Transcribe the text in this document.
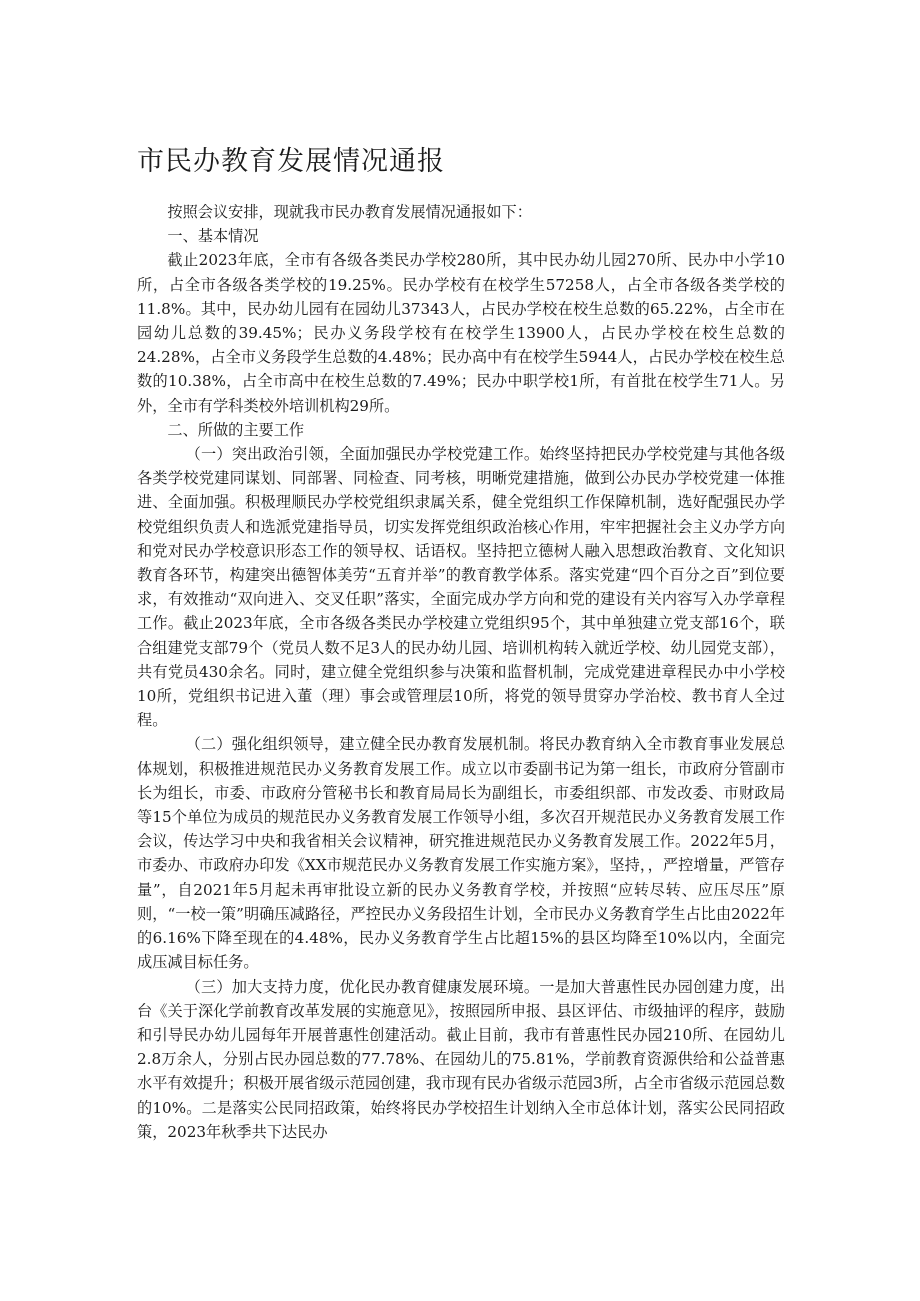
市民办教育发展情况通报

按照会议安排，现就我市民办教育发展情况通报如下：

一、基本情况

截止2023年底，全市有各级各类民办学校280所，其中民办幼儿园270所、民办中小学10所，占全市各级各类学校的19.25%。民办学校有在校学生57258人，占全市各级各类学校的11.8%。其中，民办幼儿园有在园幼儿37343人，占民办学校在校生总数的65.22%，占全市在园幼儿总数的39.45%；民办义务段学校有在校学生13900人，占民办学校在校生总数的24.28%，占全市义务段学生总数的4.48%；民办高中有在校学生5944人，占民办学校在校生总数的10.38%，占全市高中在校生总数的7.49%；民办中职学校1所，有首批在校学生71人。另外，全市有学科类校外培训机构29所。

二、所做的主要工作

（一）突出政治引领，全面加强民办学校党建工作。始终坚持把民办学校党建与其他各级各类学校党建同谋划、同部署、同检查、同考核，明晰党建措施，做到公办民办学校党建一体推进、全面加强。积极理顺民办学校党组织隶属关系，健全党组织工作保障机制，选好配强民办学校党组织负责人和选派党建指导员，切实发挥党组织政治核心作用，牢牢把握社会主义办学方向和党对民办学校意识形态工作的领导权、话语权。坚持把立德树人融入思想政治教育、文化知识教育各环节，构建突出德智体美劳“五育并举”的教育教学体系。落实党建“四个百分之百”到位要求，有效推动“双向进入、交叉任职”落实，全面完成办学方向和党的建设有关内容写入办学章程工作。截止2023年底，全市各级各类民办学校建立党组织95个，其中单独建立党支部16个，联合组建党支部79个（党员人数不足3人的民办幼儿园、培训机构转入就近学校、幼儿园党支部），共有党员430余名。同时，建立健全党组织参与决策和监督机制，完成党建进章程民办中小学校10所，党组织书记进入董（理）事会或管理层10所，将党的领导贯穿办学治校、教书育人全过程。

（二）强化组织领导，建立健全民办教育发展机制。将民办教育纳入全市教育事业发展总体规划，积极推进规范民办义务教育发展工作。成立以市委副书记为第一组长，市政府分管副市长为组长，市委、市政府分管秘书长和教育局局长为副组长，市委组织部、市发改委、市财政局等15个单位为成员的规范民办义务教育发展工作领导小组，多次召开规范民办义务教育发展工作会议，传达学习中央和我省相关会议精神，研究推进规范民办义务教育发展工作。2022年5月，市委办、市政府办印发《XX市规范民办义务教育发展工作实施方案》，坚持，，严控增量，严管存量”，自2021年5月起未再审批设立新的民办义务教育学校，并按照“应转尽转、应压尽压”原则，“一校一策”明确压减路径，严控民办义务段招生计划，全市民办义务教育学生占比由2022年的6.16%下降至现在的4.48%，民办义务教育学生占比超15%的县区均降至10%以内，全面完成压减目标任务。

（三）加大支持力度，优化民办教育健康发展环境。一是加大普惠性民办园创建力度，出台《关于深化学前教育改革发展的实施意见》，按照园所申报、县区评估、市级抽评的程序，鼓励和引导民办幼儿园每年开展普惠性创建活动。截止目前，我市有普惠性民办园210所、在园幼儿2.8万余人，分别占民办园总数的77.78%、在园幼儿的75.81%，学前教育资源供给和公益普惠水平有效提升；积极开展省级示范园创建，我市现有民办省级示范园3所，占全市省级示范园总数的10%。二是落实公民同招政策，始终将民办学校招生计划纳入全市总体计划，落实公民同招政策，2023年秋季共下达民办
